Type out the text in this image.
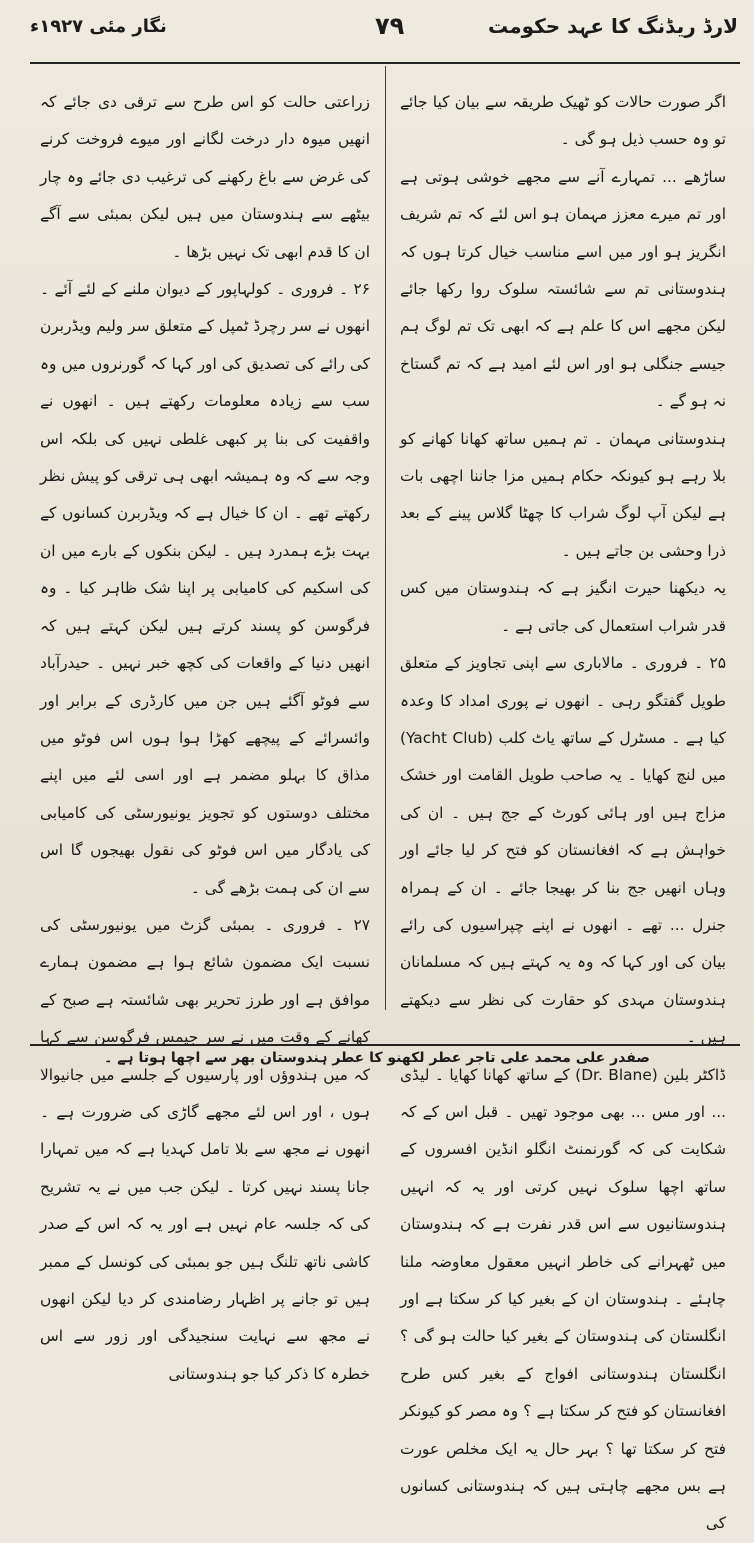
لارڈ ریڈنگ کا عہد حکومت
۷۹
نگار مئی ۱۹۲۷ء

اگر صورت حالات کو ٹھیک طریقہ سے بیان کیا جائے تو وہ حسب ذیل ہو گی ۔

ساڑھے ... تمہارے آنے سے مجھے خوشی ہوتی ہے اور تم میرے معزز مہمان ہو اس لئے کہ تم شریف انگریز ہو اور میں اسے مناسب خیال کرتا ہوں کہ ہندوستانی تم سے شائستہ سلوک روا رکھا جائے لیکن مجھے اس کا علم ہے کہ ابھی تک تم لوگ ہم جیسے جنگلی ہو اور اس لئے امید ہے کہ تم گستاخ نہ ہو گے ۔

ہندوستانی مہمان ۔ تم ہمیں ساتھ کھانا کھانے کو بلا رہے ہو کیونکہ حکام ہمیں مزا جاننا اچھی بات ہے لیکن آپ لوگ شراب کا چھٹا گلاس پینے کے بعد ذرا وحشی بن جاتے ہیں ۔

یہ دیکھنا حیرت انگیز ہے کہ ہندوستان میں کس قدر شراب استعمال کی جاتی ہے ۔

۲۵ ۔ فروری ۔ مالاباری سے اپنی تجاویز کے متعلق طویل گفتگو رہی ۔ انھوں نے پوری امداد کا وعدہ کیا ہے ۔ مسٹرل کے ساتھ یاٹ کلب (Yacht Club) میں لنچ کھایا ۔ یہ صاحب طویل القامت اور خشک مزاج ہیں اور ہائی کورٹ کے جج ہیں ۔ ان کی خواہش ہے کہ افغانستان کو فتح کر لیا جائے اور وہاں انھیں جج بنا کر بھیجا جائے ۔ ان کے ہمراہ جنرل ... تھے ۔ انھوں نے اپنے چپراسیوں کی رائے بیان کی اور کہا کہ وہ یہ کہتے ہیں کہ مسلمانان ہندوستان مہدی کو حقارت کی نظر سے دیکھتے ہیں ۔

ڈاکٹر بلین (Dr. Blane) کے ساتھ کھانا کھایا ۔ لیڈی ... اور مس ... بھی موجود تھیں ۔ قبل اس کے کہ شکایت کی کہ گورنمنٹ انگلو انڈین افسروں کے ساتھ اچھا سلوک نہیں کرتی اور یہ کہ انہیں ہندوستانیوں سے اس قدر نفرت ہے کہ ہندوستان میں ٹھہرانے کی خاطر انہیں معقول معاوضہ ملنا چاہئے ۔ ہندوستان ان کے بغیر کیا کر سکتا ہے اور انگلستان کی ہندوستان کے بغیر کیا حالت ہو گی ؟ انگلستان ہندوستانی افواج کے بغیر کس طرح افغانستان کو فتح کر سکتا ہے ؟ وہ مصر کو کیونکر فتح کر سکتا تھا ؟ بہر حال یہ ایک مخلص عورت ہے بس مجھے چاہتی ہیں کہ ہندوستانی کسانوں کی

زراعتی حالت کو اس طرح سے ترقی دی جائے کہ انھیں میوہ دار درخت لگانے اور میوے فروخت کرنے کی غرض سے باغ رکھنے کی ترغیب دی جائے وہ چار بیٹھے سے ہندوستان میں ہیں لیکن بمبئی سے آگے ان کا قدم ابھی تک نہیں بڑھا ۔

۲۶ ۔ فروری ۔ کولہاپور کے دیوان ملنے کے لئے آئے ۔ انھوں نے سر رچرڈ ٹمپل کے متعلق سر ولیم ویڈربرن کی رائے کی تصدیق کی اور کہا کہ گورنروں میں وہ سب سے زیادہ معلومات رکھتے ہیں ۔ انھوں نے واقفیت کی بنا پر کبھی غلطی نہیں کی بلکہ اس وجہ سے کہ وہ ہمیشہ ابھی ہی ترقی کو پیش نظر رکھتے تھے ۔ ان کا خیال ہے کہ ویڈربرن کسانوں کے بہت بڑے ہمدرد ہیں ۔ لیکن بنکوں کے بارے میں ان کی اسکیم کی کامیابی پر اپنا شک ظاہر کیا ۔ وہ فرگوسن کو پسند کرتے ہیں لیکن کہتے ہیں کہ انھیں دنیا کے واقعات کی کچھ خبر نہیں ۔ حیدرآباد سے فوٹو آگئے ہیں جن میں کارڈری کے برابر اور وائسرائے کے پیچھے کھڑا ہوا ہوں اس فوٹو میں مذاق کا بہلو مضمر ہے اور اسی لئے میں اپنے مختلف دوستوں کو تجویز یونیورسٹی کی کامیابی کی یادگار میں اس فوٹو کی نقول بھیجوں گا اس سے ان کی ہمت بڑھے گی ۔

۲۷ ۔ فروری ۔ بمبئی گزٹ میں یونیورسٹی کی نسبت ایک مضمون شائع ہوا ہے مضمون ہمارے موافق ہے اور طرز تحریر بھی شائستہ ہے صبح کے کھانے کے وقت میں نے سر جیمس فرگوسن سے کہا کہ میں ہندوؤں اور پارسیوں کے جلسے میں جانیوالا ہوں ، اور اس لئے مجھے گاڑی کی ضرورت ہے ۔ انھوں نے مجھ سے بلا تامل کہدیا ہے کہ میں تمہارا جانا پسند نہیں کرتا ۔ لیکن جب میں نے یہ تشریح کی کہ جلسہ عام نہیں ہے اور یہ کہ اس کے صدر کاشی ناتھ تلنگ ہیں جو بمبئی کی کونسل کے ممبر ہیں تو جانے پر اظہار رضامندی کر دیا لیکن انھوں نے مجھ سے نہایت سنجیدگی اور زور سے اس خطرہ کا ذکر کیا جو ہندوستانی

صفدر علی محمد علی تاجر عطر لکھنو کا عطر ہندوستان بھر سے اچھا ہوتا ہے ۔
